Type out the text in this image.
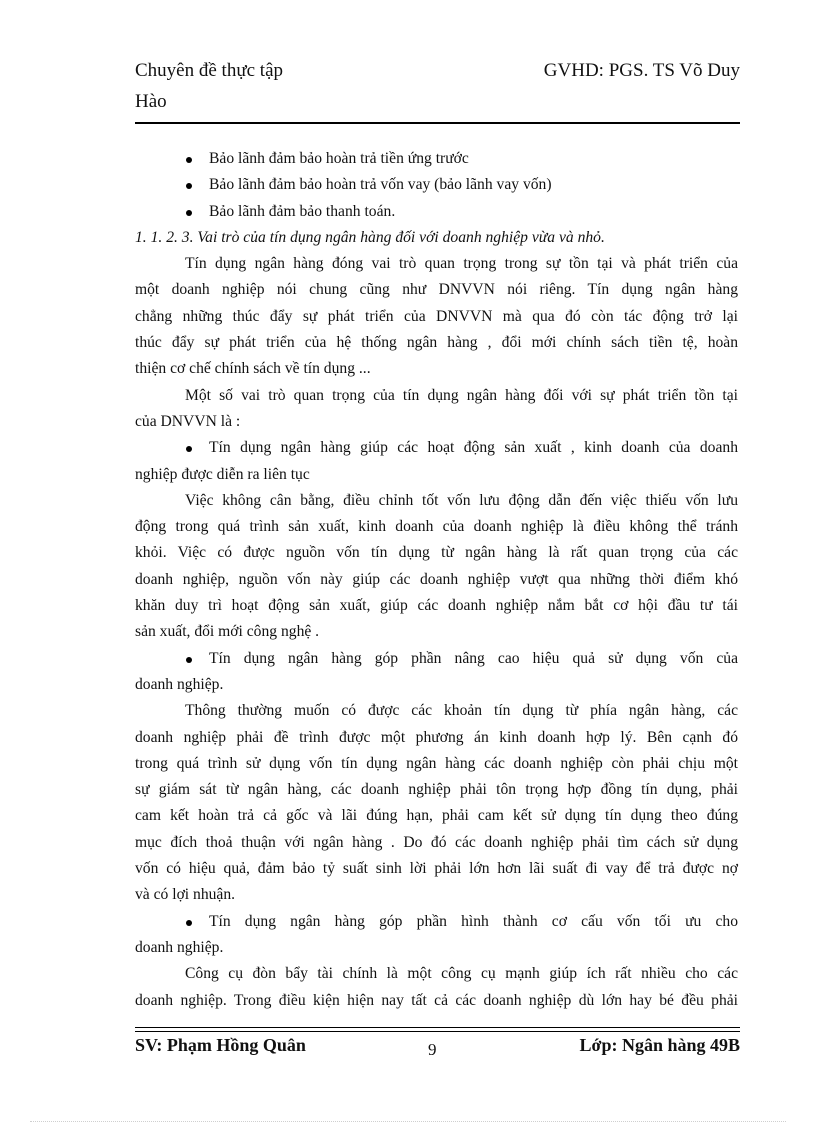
Chuyên đề thực tập	GVHD: PGS. TS Võ Duy
Hào
Bảo lãnh đảm bảo hoàn trả tiền ứng trước
Bảo lãnh đảm bảo hoàn trả vốn vay (bảo lãnh vay vốn)
Bảo lãnh đảm bảo thanh toán.
1. 1. 2. 3. Vai trò của tín dụng ngân hàng đối với doanh nghiệp vừa và nhỏ.
Tín dụng ngân hàng đóng vai trò quan trọng trong sự tồn tại và phát triển của
một doanh nghiệp nói chung cũng như DNVVN nói riêng. Tín dụng ngân hàng
chẳng những thúc đẩy sự phát triển của DNVVN mà qua đó còn tác động trở lại
thúc đẩy sự phát triển của hệ thống ngân hàng , đổi mới chính sách tiền tệ, hoàn
thiện cơ chế chính sách về tín dụng ...
Một số vai trò quan trọng của tín dụng ngân hàng đối với sự phát triển tồn tại
của DNVVN là :
Tín dụng ngân hàng giúp các hoạt động sản xuất , kinh doanh của doanh
nghiệp được diễn ra liên tục
Việc không cân bằng, điều chỉnh tốt vốn lưu động dẫn đến việc thiếu vốn lưu
động trong quá trình sản xuất, kinh doanh của doanh nghiệp là điều không thể tránh
khỏi. Việc có được nguồn vốn tín dụng từ ngân hàng là rất quan trọng của các
doanh nghiệp, nguồn vốn này giúp các doanh nghiệp vượt qua những thời điểm khó
khăn duy trì hoạt động sản xuất, giúp các doanh nghiệp nắm bắt cơ hội đầu tư tái
sản xuất, đổi mới công nghệ .
Tín dụng ngân hàng góp phần nâng cao hiệu quả sử dụng vốn của
doanh nghiệp.
Thông thường muốn có được các khoản tín dụng từ phía ngân hàng, các
doanh nghiệp phải đề trình được một phương án kinh doanh hợp lý. Bên cạnh đó
trong quá trình sử dụng vốn tín dụng ngân hàng các doanh nghiệp còn phải chịu một
sự giám sát từ ngân hàng, các doanh nghiệp phải tôn trọng hợp đồng tín dụng, phải
cam kết hoàn trả cả gốc và lãi đúng hạn, phải cam kết sử dụng tín dụng theo đúng
mục đích thoả thuận với ngân hàng . Do đó các doanh nghiệp phải tìm cách sử dụng
vốn có hiệu quả, đảm bảo tỷ suất sinh lời phải lớn hơn lãi suất đi vay để trả được nợ
và có lợi nhuận.
Tín dụng ngân hàng góp phần hình thành cơ cấu vốn tối ưu cho
doanh nghiệp.
Công cụ đòn bẩy tài chính là một công cụ mạnh giúp ích rất nhiều cho các
doanh nghiệp. Trong điều kiện hiện nay tất cả các doanh nghiệp dù lớn hay bé đều phải
SV: Phạm Hồng Quân	9	Lớp: Ngân hàng 49B
